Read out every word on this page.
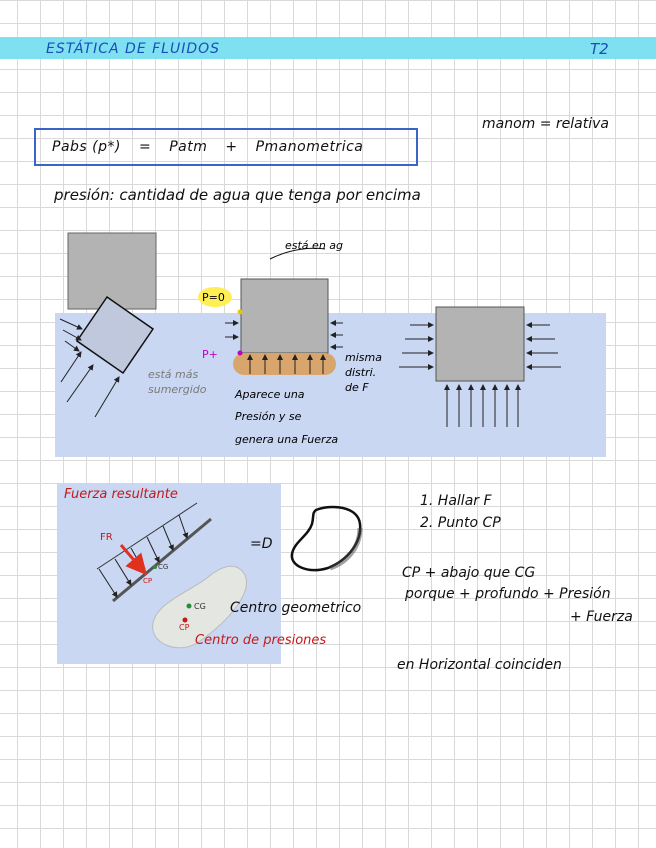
ESTÁTICA DE FLUIDOS	T2
manom = relativa
Pabs (p*) = Patm + Pmanometrica
presión: cantidad de agua que tenga por encima
está en ag
P=0
P+
está más
sumergido	Aparece una
Presión y se
genera una Fuerza
misma
distri.
de F
FR
CG
CP
CG
CP
Fuerza resultante
=D
Centro geometrico
Centro de presiones
1. Hallar F
2. Punto CP
CP + abajo que CG
porque + profundo + Presión
+ Fuerza
en Horizontal coinciden
